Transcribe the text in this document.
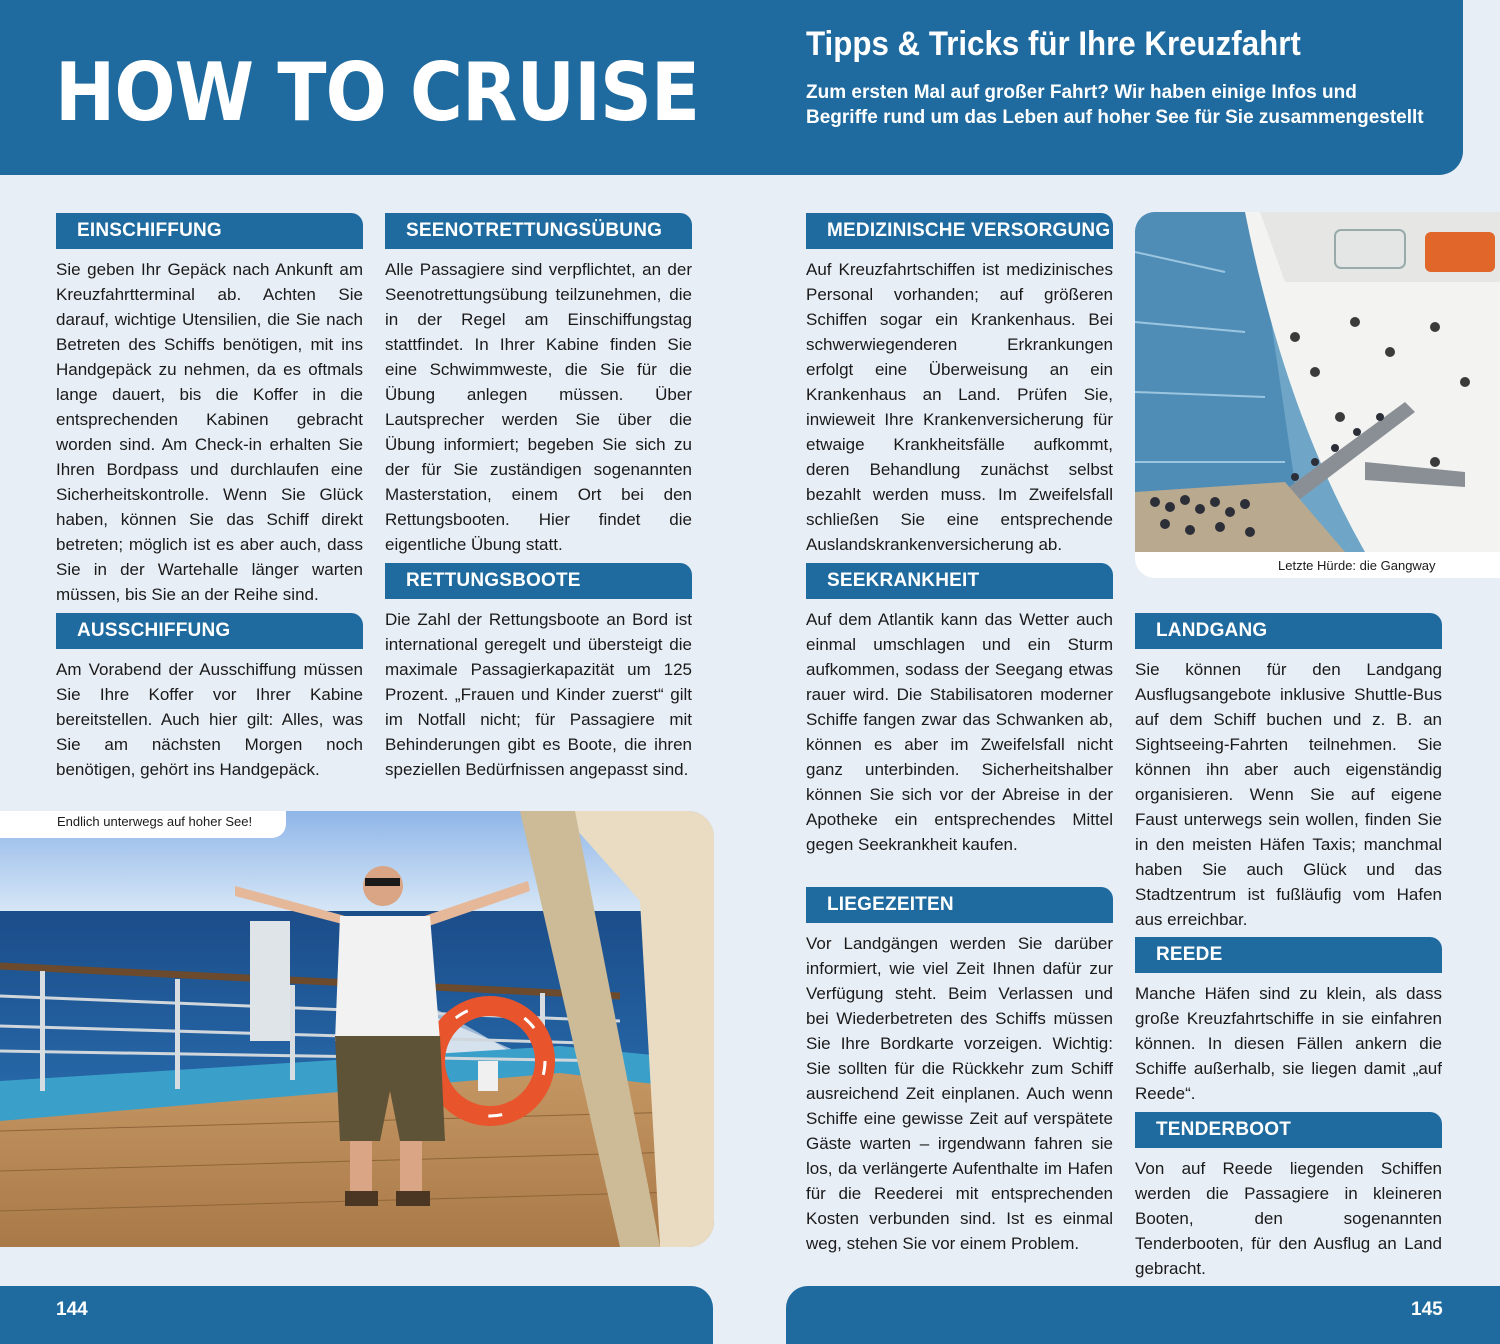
HOW TO CRUISE
Tipps & Tricks für Ihre Kreuzfahrt

Zum ersten Mal auf großer Fahrt? Wir haben einige Infos und Begriffe rund um das Leben auf hoher See für Sie zusammengestellt

EINSCHIFFUNG

Sie geben Ihr Gepäck nach Ankunft am Kreuzfahrtterminal ab. Achten Sie darauf, wichtige Utensilien, die Sie nach Betreten des Schiffs benötigen, mit ins Handgepäck zu nehmen, da es oftmals lange dauert, bis die Koffer in die entsprechenden Kabinen gebracht worden sind. Am Check-in erhalten Sie Ihren Bordpass und durchlaufen eine Sicherheitskontrolle. Wenn Sie Glück haben, können Sie das Schiff direkt betreten; möglich ist es aber auch, dass Sie in der Wartehalle länger warten müssen, bis Sie an der Reihe sind.

AUSSCHIFFUNG

Am Vorabend der Ausschiffung müssen Sie Ihre Koffer vor Ihrer Kabine bereitstellen. Auch hier gilt: Alles, was Sie am nächsten Morgen noch benötigen, gehört ins Handgepäck.

SEENOTRETTUNGSÜBUNG

Alle Passagiere sind verpflichtet, an der Seenotrettungsübung teilzunehmen, die in der Regel am Einschiffungstag stattfindet. In Ihrer Kabine finden Sie eine Schwimmweste, die Sie für die Übung anlegen müssen. Über Lautsprecher werden Sie über die Übung informiert; begeben Sie sich zu der für Sie zuständigen sogenannten Masterstation, einem Ort bei den Rettungsbooten. Hier findet die eigentliche Übung statt.

RETTUNGSBOOTE

Die Zahl der Rettungsboote an Bord ist international geregelt und übersteigt die maximale Passagierkapazität um 125 Prozent. „Frauen und Kinder zuerst“ gilt im Notfall nicht; für Passagiere mit Behinderungen gibt es Boote, die ihren speziellen Bedürfnissen angepasst sind.

Endlich unterwegs auf hoher See!
MEDIZINISCHE VERSORGUNG

Auf Kreuzfahrtschiffen ist medizinisches Personal vorhanden; auf größeren Schiffen sogar ein Krankenhaus. Bei schwerwiegenderen Erkrankungen erfolgt eine Überweisung an ein Krankenhaus an Land. Prüfen Sie, inwieweit Ihre Krankenversicherung für etwaige Krankheitsfälle aufkommt, deren Behandlung zunächst selbst bezahlt werden muss. Im Zweifelsfall schließen Sie eine entsprechende Auslandskrankenversicherung ab.

SEEKRANKHEIT

Auf dem Atlantik kann das Wetter auch einmal umschlagen und ein Sturm aufkommen, sodass der Seegang etwas rauer wird. Die Stabilisatoren moderner Schiffe fangen zwar das Schwanken ab, können es aber im Zweifelsfall nicht ganz unterbinden. Sicherheitshalber können Sie sich vor der Abreise in der Apotheke ein entsprechendes Mittel gegen Seekrankheit kaufen.

LIEGEZEITEN

Vor Landgängen werden Sie darüber informiert, wie viel Zeit Ihnen dafür zur Verfügung steht. Beim Verlassen und bei Wiederbetreten des Schiffs müssen Sie Ihre Bordkarte vorzeigen. Wichtig: Sie sollten für die Rückkehr zum Schiff ausreichend Zeit einplanen. Auch wenn Schiffe eine gewisse Zeit auf verspätete Gäste warten – irgendwann fahren sie los, da verlängerte Aufenthalte im Hafen für die Reederei mit entsprechenden Kosten verbunden sind. Ist es einmal weg, stehen Sie vor einem Problem.

Letzte Hürde: die Gangway
LANDGANG

Sie können für den Landgang Ausflugsangebote inklusive Shuttle-Bus auf dem Schiff buchen und z. B. an Sightseeing-Fahrten teilnehmen. Sie können ihn aber auch eigenständig organisieren. Wenn Sie auf eigene Faust unterwegs sein wollen, finden Sie in den meisten Häfen Taxis; manchmal haben Sie auch Glück und das Stadtzentrum ist fußläufig vom Hafen aus erreichbar.

REEDE

Manche Häfen sind zu klein, als dass große Kreuzfahrtschiffe in sie einfahren können. In diesen Fällen ankern die Schiffe außerhalb, sie liegen damit „auf Reede“.

TENDERBOOT

Von auf Reede liegenden Schiffen werden die Passagiere in kleineren Booten, den sogenannten Tenderbooten, für den Ausflug an Land gebracht.

144	145
